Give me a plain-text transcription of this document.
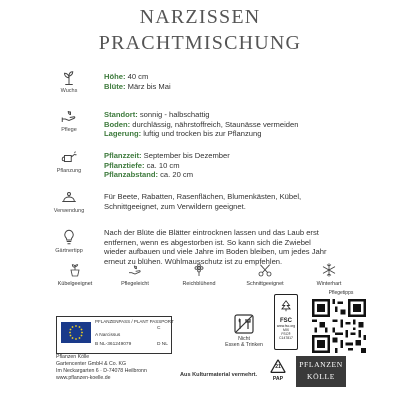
NARZISSEN
PRACHTMISCHUNG
Wuchs
Höhe: 40 cm
Blüte: März bis Mai
Pflege
Standort: sonnig - halbschattig
Boden: durchlässig, nährstoffreich, Staunässe vermeiden
Lagerung: luftig und trocken bis zur Pflanzung
Pflanzung
Pflanzzeit: September bis Dezember
Pflanztiefe: ca. 10 cm
Pflanzabstand: ca. 20 cm
Verwendung
Für Beete, Rabatten, Rasenflächen, Blumenkästen, Kübel,
Schnittgeeignet, zum Verwildern geeignet.
Gärtnertipp
Nach der Blüte die Blätter eintrocknen lassen und das Laub erst
entfernen, wenn es abgestorben ist. So kann sich die Zwiebel
wieder aufbauen und viele Jahre im Boden bleiben, um jedes Jahr
erneut zu blühen. Wühlmausschutz ist zu empfehlen.
Kübelgeeignet	Pflegeleicht	Reichblühend	Schnittgeeignet	Winterhart
PFLANZENPASS / PLANT PASSPORT
A Narcissus
B NL-361249079
C
D NL
Nicht
Essen & Trinken
FSC
www.fsc.org
MIX
FSC® C147817
Pflegetipps
Pflanzen Kölle
Gartencenter GmbH & Co. KG
Im Neckargarten 6 · D-74078 Heilbronn
www.pflanzen-koelle.de	Aus Kulturmaterial vermehrt.
21
PAP
PFLANZEN
KÖLLE
